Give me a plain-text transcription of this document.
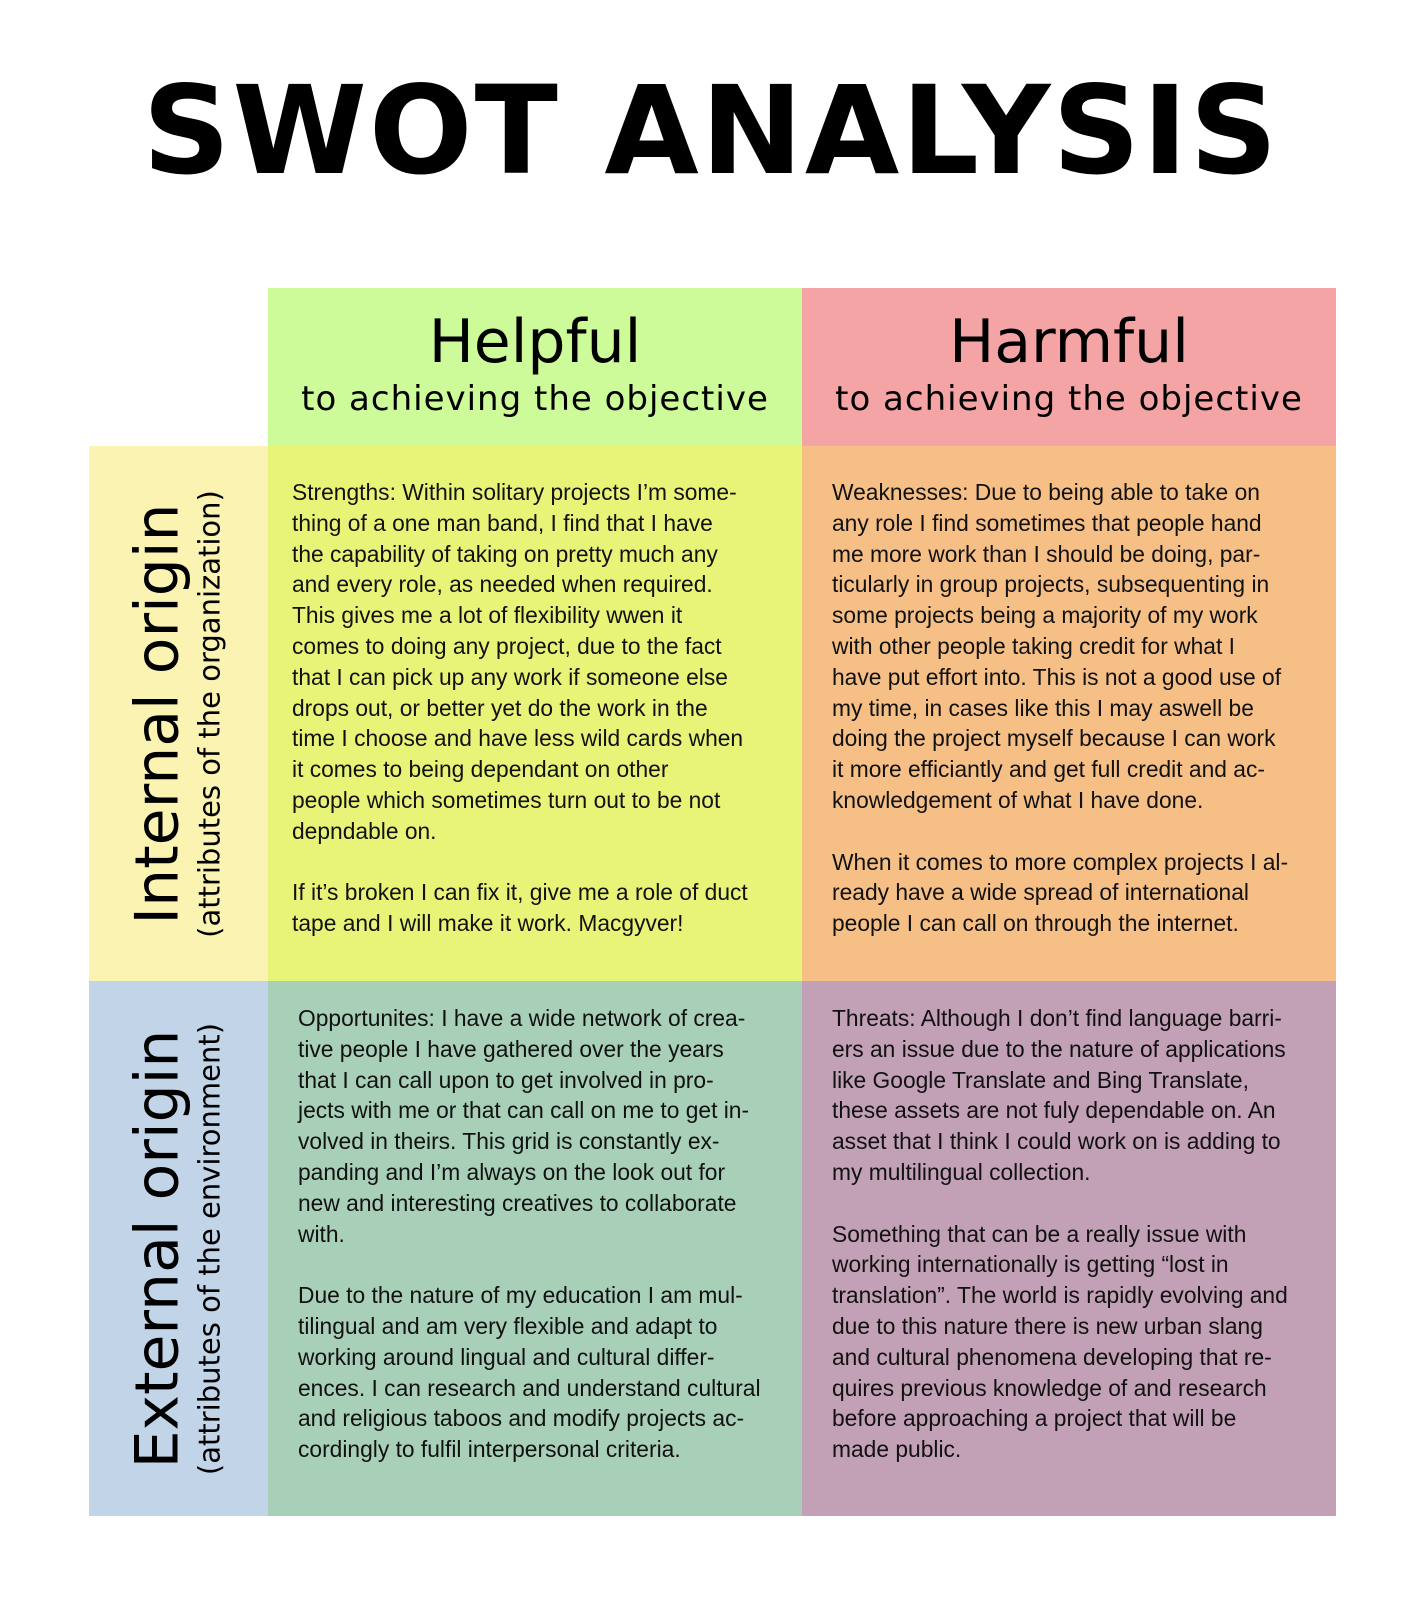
SWOT ANALYSIS
Helpful
to achieving the objective
Harmful
to achieving the objective
Internal origin (attributes of the organization)
External origin (attributes of the environment)

Strengths: Within solitary projects I’m some-
thing of a one man band, I find that I have
the capability of taking on pretty much any
and every role, as needed when required.
This gives me a lot of flexibility wwen it
comes to doing any project, due to the fact
that I can pick up any work if someone else
drops out, or better yet do the work in the
time I choose and have less wild cards when
it comes to being dependant on other
people which sometimes turn out to be not
depndable on.

If it’s broken I can fix it, give me a role of duct
tape and I will make it work. Macgyver!

Weaknesses: Due to being able to take on
any role I find sometimes that people hand
me more work than I should be doing, par-
ticularly in group projects, subsequenting in
some projects being a majority of my work
with other people taking credit for what I
have put effort into. This is not a good use of
my time, in cases like this I may aswell be
doing the project myself because I can work
it more efficiantly and get full credit and ac-
knowledgement of what I have done.

When it comes to more complex projects I al-
ready have a wide spread of international
people I can call on through the internet.

Opportunites: I have a wide network of crea-
tive people I have gathered over the years
that I can call upon to get involved in pro-
jects with me or that can call on me to get in-
volved in theirs. This grid is constantly ex-
panding and I’m always on the look out for
new and interesting creatives to collaborate
with.

Due to the nature of my education I am mul-
tilingual and am very flexible and adapt to
working around lingual and cultural differ-
ences. I can research and understand cultural
and religious taboos and modify projects ac-
cordingly to fulfil interpersonal criteria.

Threats: Although I don’t find language barri-
ers an issue due to the nature of applications
like Google Translate and Bing Translate,
these assets are not fuly dependable on. An
asset that I think I could work on is adding to
my multilingual collection.

Something that can be a really issue with
working internationally is getting “lost in
translation”. The world is rapidly evolving and
due to this nature there is new urban slang
and cultural phenomena developing that re-
quires previous knowledge of and research
before approaching a project that will be
made public.
